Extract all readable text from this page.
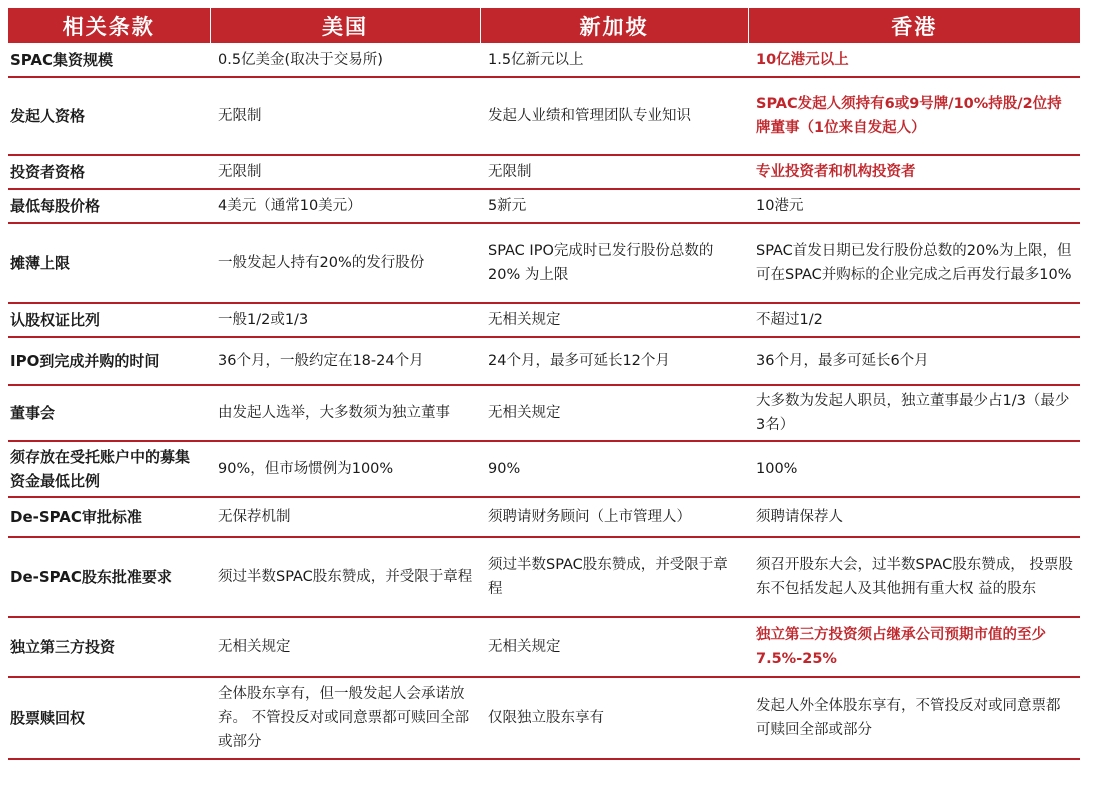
相关条款	美国	新加坡	香港
SPAC集资规模	0.5亿美金(取决于交易所)	1.5亿新元以上	10亿港元以上
发起人资格	无限制	发起人业绩和管理团队专业知识	SPAC发起人须持有6或9号牌/10%持股/2位持牌董事（1位来自发起人）
投资者资格	无限制	无限制	专业投资者和机构投资者
最低每股价格	4美元（通常10美元）	5新元	10港元
摊薄上限	一般发起人持有20%的发行股份	SPAC IPO完成时已发行股份总数的20% 为上限	SPAC首发日期已发行股份总数的20%为上限，但可在SPAC并购标的企业完成之后再发行最多10%
认股权证比列	一般1/2或1/3	无相关规定	不超过1/2
IPO到完成并购的时间	36个月，一般约定在18-24个月	24个月，最多可延长12个月	36个月，最多可延长6个月
董事会	由发起人选举，大多数须为独立董事	无相关规定	大多数为发起人职员，独立董事最少占1/3（最少3名）
须存放在受托账户中的募集资金最低比例	90%，但市场惯例为100%	90%	100%
De-SPAC审批标准	无保荐机制	须聘请财务顾问（上市管理人）	须聘请保荐人
De-SPAC股东批准要求	须过半数SPAC股东赞成，并受限于章程	须过半数SPAC股东赞成，并受限于章程	须召开股东大会，过半数SPAC股东赞成， 投票股东不包括发起人及其他拥有重大权 益的股东
独立第三方投资	无相关规定	无相关规定	独立第三方投资须占继承公司预期市值的至少7.5%-25%
股票赎回权	全体股东享有，但一般发起人会承诺放弃。 不管投反对或同意票都可赎回全部或部分	仅限独立股东享有	发起人外全体股东享有，不管投反对或同意票都可赎回全部或部分
